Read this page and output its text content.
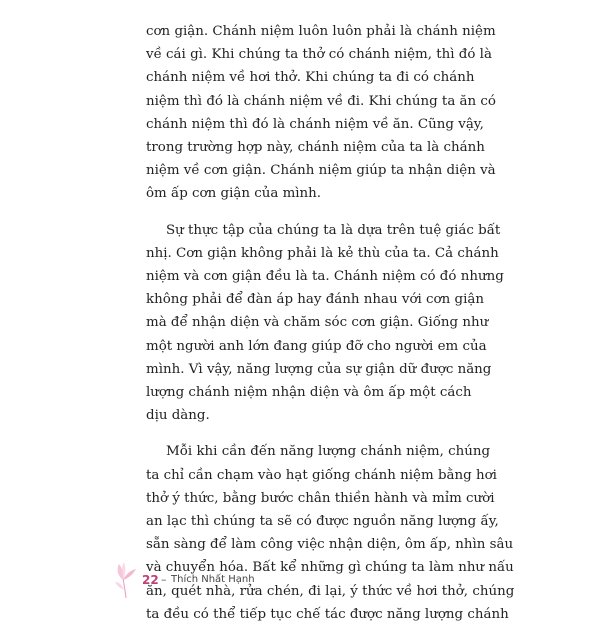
cơn giận. Chánh niệm luôn luôn phải là chánh niệm
về cái gì. Khi chúng ta thở có chánh niệm, thì đó là
chánh niệm về hơi thở. Khi chúng ta đi có chánh
niệm thì đó là chánh niệm về đi. Khi chúng ta ăn có
chánh niệm thì đó là chánh niệm về ăn. Cũng vậy,
trong trường hợp này, chánh niệm của ta là chánh
niệm về cơn giận. Chánh niệm giúp ta nhận diện và
ôm ấp cơn giận của mình.

Sự thực tập của chúng ta là dựa trên tuệ giác bất
nhị. Cơn giận không phải là kẻ thù của ta. Cả chánh
niệm và cơn giận đều là ta. Chánh niệm có đó nhưng
không phải để đàn áp hay đánh nhau với cơn giận
mà để nhận diện và chăm sóc cơn giận. Giống như
một người anh lớn đang giúp đỡ cho người em của
mình. Vì vậy, năng lượng của sự giận dữ được năng
lượng chánh niệm nhận diện và ôm ấp một cách
dịu dàng.

Mỗi khi cần đến năng lượng chánh niệm, chúng
ta chỉ cần chạm vào hạt giống chánh niệm bằng hơi
thở ý thức, bằng bước chân thiền hành và mỉm cười
an lạc thì chúng ta sẽ có được nguồn năng lượng ấy,
sẵn sàng để làm công việc nhận diện, ôm ấp, nhìn sâu
và chuyển hóa. Bất kể những gì chúng ta làm như nấu
ăn, quét nhà, rửa chén, đi lại, ý thức về hơi thở, chúng
ta đều có thể tiếp tục chế tác được năng lượng chánh

22 – Thích Nhất Hạnh
